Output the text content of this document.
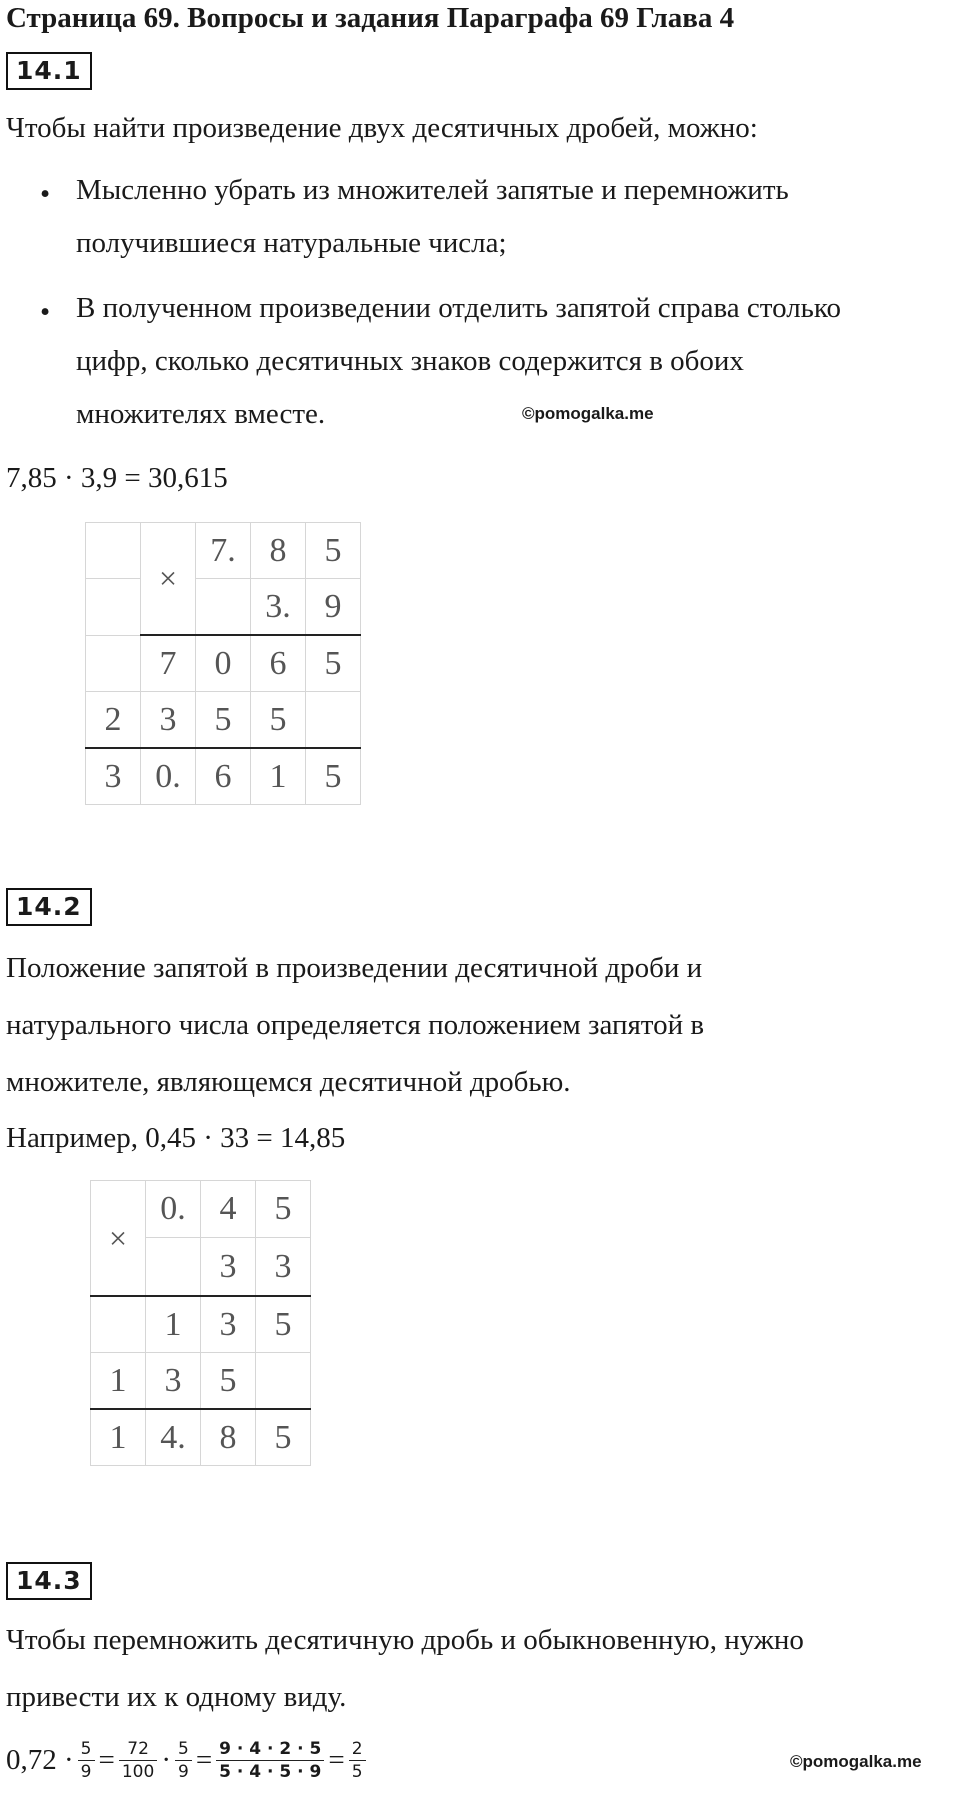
Страница 69. Вопросы и задания Параграфа 69 Глава 4
14.1
Чтобы найти произведение двух десятичных дробей, можно:
• Мысленно убрать из множителей запятые и перемножить
получившиеся натуральные числа;
• В полученном произведении отделить запятой справа столько
цифр, сколько десятичных знаков содержится в обоих
множителях вместе.	©pomogalka.me
7,85 · 3,9 = 30,615
	×	7.	8	5
			3.	9
	7	0	6	5
2	3	5	5	
3	0.	6	1	5
14.2
Положение запятой в произведении десятичной дроби и
натурального числа определяется положением запятой в
множителе, являющемся десятичной дробью.
Например, 0,45 · 33 = 14,85
×	0.	4	5
		3	3
	1	3	5
1	3	5	
1	4.	8	5
14.3
Чтобы перемножить десятичную дробь и обыкновенную, нужно
привести их к одному виду.
$0,72 \cdot \frac{5}{9} = \frac{72}{100} \cdot \frac{5}{9} = \frac{9 \cdot 4 \cdot 2 \cdot 5}{5 \cdot 4 \cdot 5 \cdot 9} = \frac{2}{5}$	©pomogalka.me
